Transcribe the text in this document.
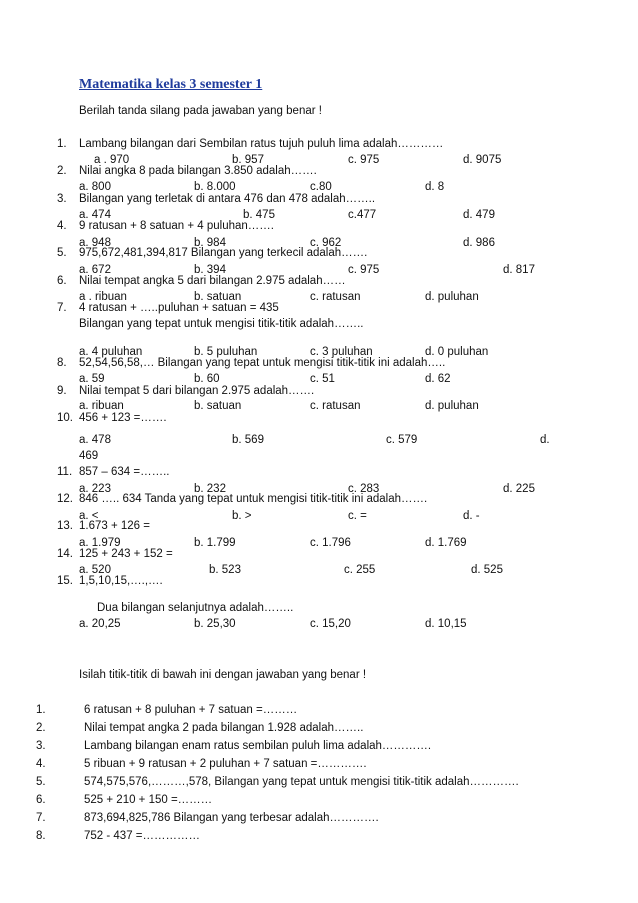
Matematika kelas 3 semester 1
Berilah tanda silang pada jawaban yang benar !
1. Lambang bilangan dari Sembilan ratus tujuh puluh lima adalah…………
a . 970	b. 957	c. 975	d. 9075
2. Nilai angka 8 pada bilangan 3.850 adalah…….
a. 800	b. 8.000	c.80	d. 8
3. Bilangan yang terletak di antara 476 dan 478 adalah……..
a. 474	b. 475	c.477	d. 479
4. 9 ratusan + 8 satuan + 4 puluhan…….
a. 948	b. 984	c. 962	d. 986
5. 975,672,481,394,817 Bilangan yang terkecil adalah…….
a. 672	b. 394	c. 975	d. 817
6. Nilai tempat angka 5 dari bilangan 2.975 adalah……
a . ribuan	b. satuan	c. ratusan	d. puluhan
7. 4 ratusan + …..puluhan + satuan = 435
Bilangan yang tepat untuk mengisi titik-titik adalah……..
a. 4 puluhan	b. 5 puluhan	c. 3 puluhan	d. 0 puluhan
8. 52,54,56,58,… Bilangan yang tepat untuk mengisi titik-titik ini adalah…..
a. 59	b. 60	c. 51	d. 62
9. Nilai tempat 5 dari bilangan 2.975 adalah…….
a. ribuan	b. satuan	c. ratusan	d. puluhan
10. 456 + 123 =…….
a. 478	b. 569	c. 579	d.
469
11. 857 – 634 =……..
a. 223	b. 232	c. 283	d. 225
12. 846 ….. 634 Tanda yang tepat untuk mengisi titik-titik ini adalah…….
a. <	b. >	c. =	d. -
13. 1.673 + 126 =
a. 1.979	b. 1.799	c. 1.796	d. 1.769
14. 125 + 243 + 152 =
a. 520	b. 523	c. 255	d. 525
15. 1,5,10,15,….,….
Dua bilangan selanjutnya adalah……..
a. 20,25	b. 25,30	c. 15,20	d. 10,15
Isilah titik-titik di bawah ini dengan jawaban yang benar !
1.	6 ratusan + 8 puluhan + 7 satuan =………
2.	Nilai tempat angka 2 pada bilangan 1.928 adalah……..
3.	Lambang bilangan enam ratus sembilan puluh lima adalah………….
4.	5 ribuan + 9 ratusan + 2 puluhan + 7 satuan =………….
5.	574,575,576,………,578, Bilangan yang tepat untuk mengisi titik-titik adalah………….
6.	525 + 210 + 150 =………
7.	873,694,825,786 Bilangan yang terbesar adalah………….
8.	752 - 437 =……………
